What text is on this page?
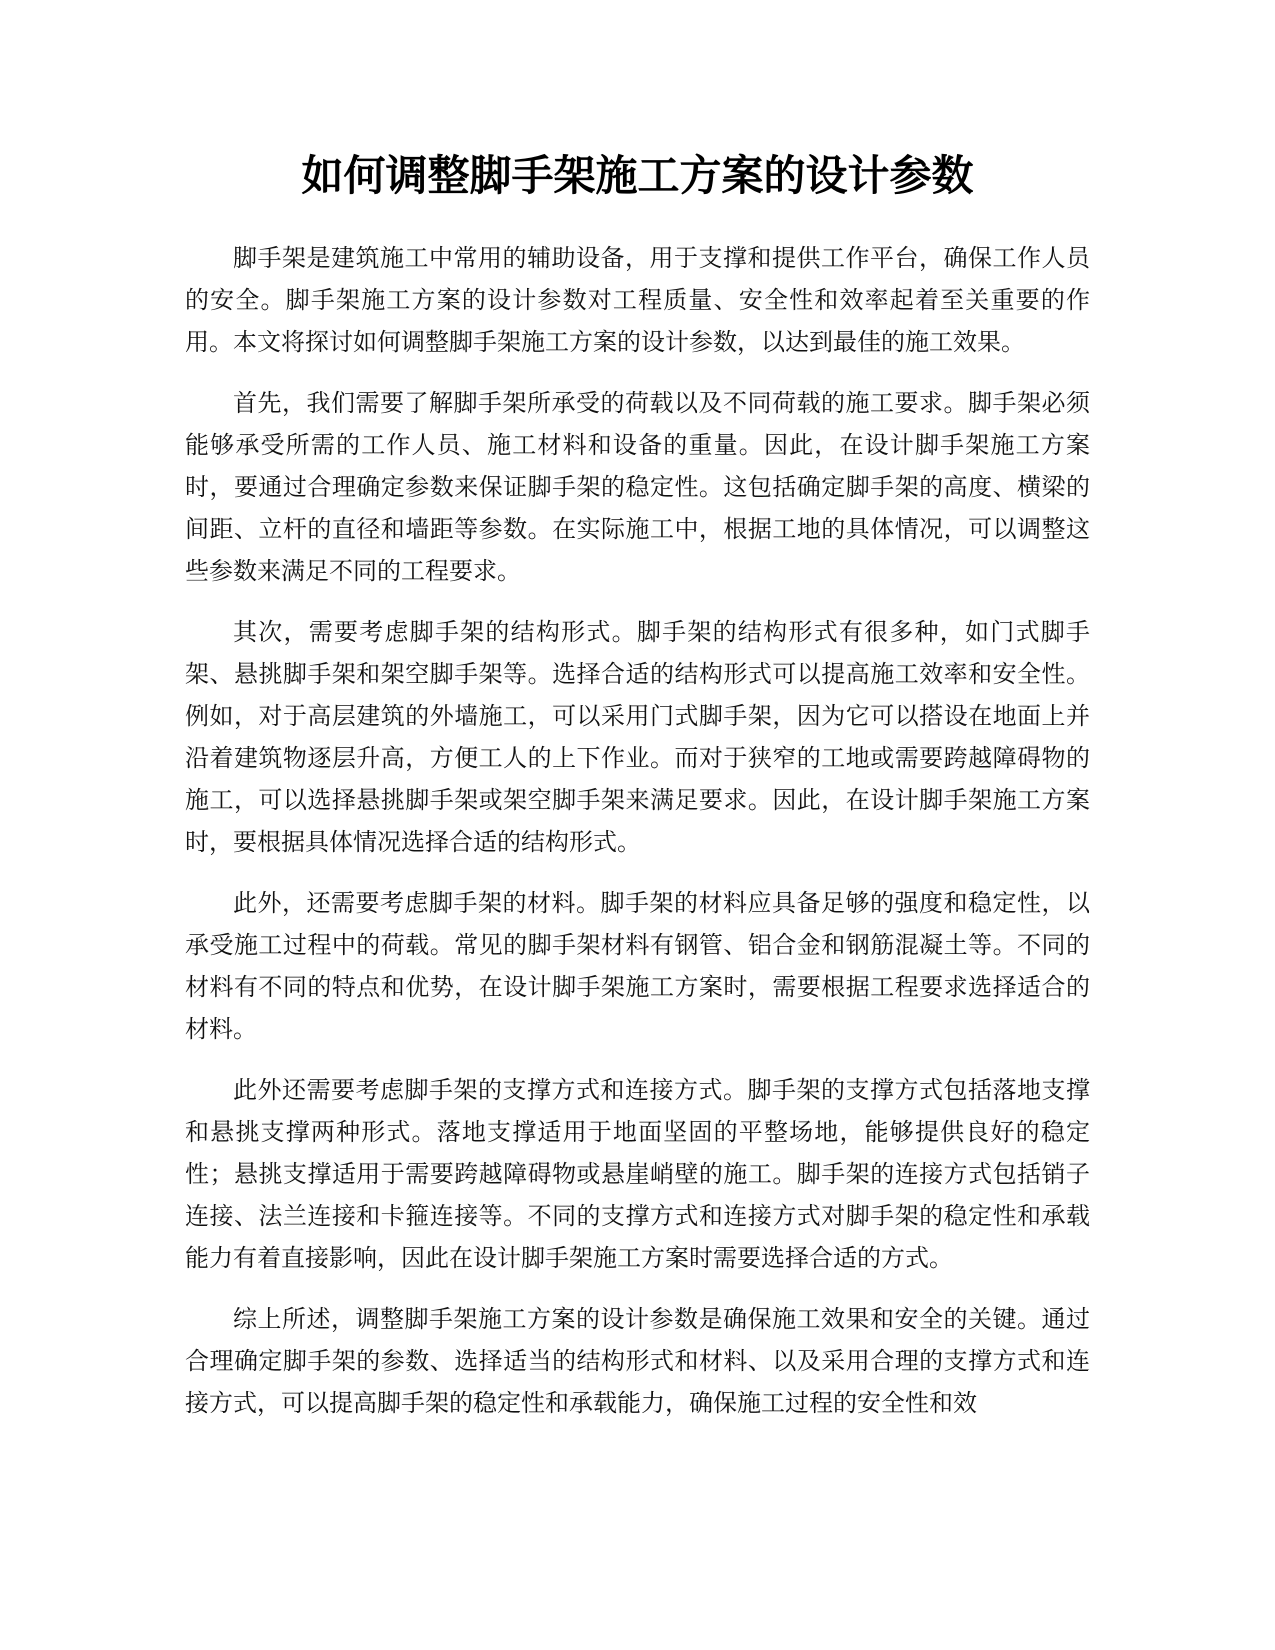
如何调整脚手架施工方案的设计参数

脚手架是建筑施工中常用的辅助设备，用于支撑和提供工作平台，确保工作人员的安全。脚手架施工方案的设计参数对工程质量、安全性和效率起着至关重要的作用。本文将探讨如何调整脚手架施工方案的设计参数，以达到最佳的施工效果。

首先，我们需要了解脚手架所承受的荷载以及不同荷载的施工要求。脚手架必须能够承受所需的工作人员、施工材料和设备的重量。因此，在设计脚手架施工方案时，要通过合理确定参数来保证脚手架的稳定性。这包括确定脚手架的高度、横梁的间距、立杆的直径和墙距等参数。在实际施工中，根据工地的具体情况，可以调整这些参数来满足不同的工程要求。

其次，需要考虑脚手架的结构形式。脚手架的结构形式有很多种，如门式脚手架、悬挑脚手架和架空脚手架等。选择合适的结构形式可以提高施工效率和安全性。例如，对于高层建筑的外墙施工，可以采用门式脚手架，因为它可以搭设在地面上并沿着建筑物逐层升高，方便工人的上下作业。而对于狭窄的工地或需要跨越障碍物的施工，可以选择悬挑脚手架或架空脚手架来满足要求。因此，在设计脚手架施工方案时，要根据具体情况选择合适的结构形式。

此外，还需要考虑脚手架的材料。脚手架的材料应具备足够的强度和稳定性，以承受施工过程中的荷载。常见的脚手架材料有钢管、铝合金和钢筋混凝土等。不同的材料有不同的特点和优势，在设计脚手架施工方案时，需要根据工程要求选择适合的材料。

此外还需要考虑脚手架的支撑方式和连接方式。脚手架的支撑方式包括落地支撑和悬挑支撑两种形式。落地支撑适用于地面坚固的平整场地，能够提供良好的稳定性；悬挑支撑适用于需要跨越障碍物或悬崖峭壁的施工。脚手架的连接方式包括销子连接、法兰连接和卡箍连接等。不同的支撑方式和连接方式对脚手架的稳定性和承载能力有着直接影响，因此在设计脚手架施工方案时需要选择合适的方式。

综上所述，调整脚手架施工方案的设计参数是确保施工效果和安全的关键。通过合理确定脚手架的参数、选择适当的结构形式和材料、以及采用合理的支撑方式和连接方式，可以提高脚手架的稳定性和承载能力，确保施工过程的安全性和效
